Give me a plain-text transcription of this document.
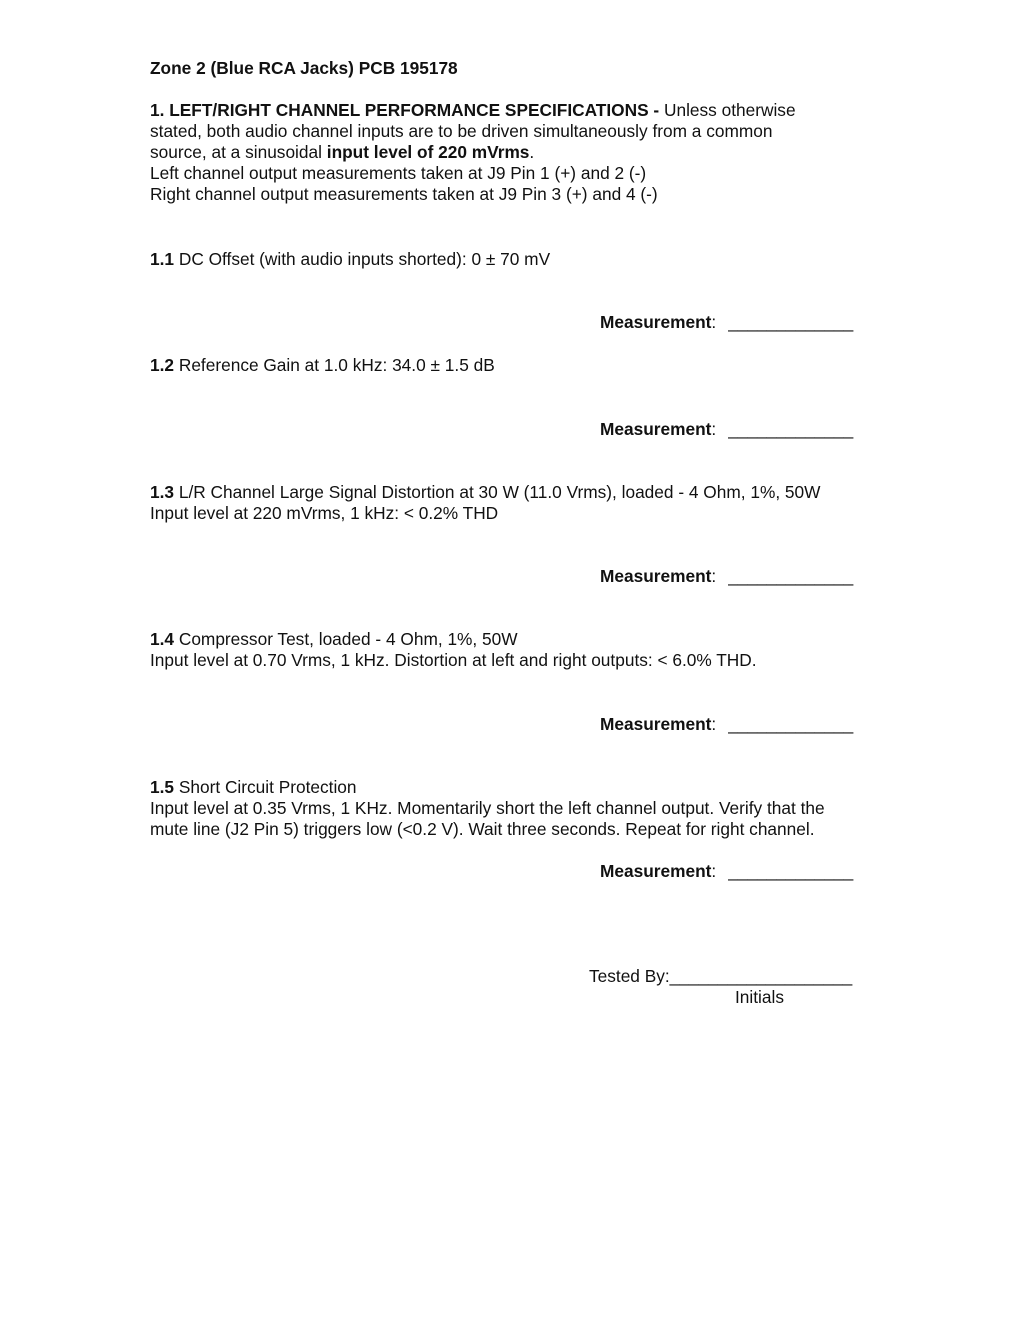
Zone 2 (Blue RCA Jacks) PCB 195178
1. LEFT/RIGHT CHANNEL PERFORMANCE SPECIFICATIONS - Unless otherwise
stated, both audio channel inputs are to be driven simultaneously from a common
source, at a sinusoidal input level of 220 mVrms.
Left channel output measurements taken at J9 Pin 1 (+) and 2 (-)
Right channel output measurements taken at J9 Pin 3 (+) and 4 (-)
1.1 DC Offset (with audio inputs shorted): 0 ± 70 mV
Measurement: _____________
1.2 Reference Gain at 1.0 kHz: 34.0 ± 1.5 dB
Measurement: _____________
1.3 L/R Channel Large Signal Distortion at 30 W (11.0 Vrms), loaded - 4 Ohm, 1%, 50W
Input level at 220 mVrms, 1 kHz: < 0.2% THD
Measurement: _____________
1.4 Compressor Test, loaded - 4 Ohm, 1%, 50W
Input level at 0.70 Vrms, 1 kHz. Distortion at left and right outputs: < 6.0% THD.
Measurement: _____________
1.5 Short Circuit Protection
Input level at 0.35 Vrms, 1 KHz. Momentarily short the left channel output. Verify that the
mute line (J2 Pin 5) triggers low (<0.2 V). Wait three seconds. Repeat for right channel.
Measurement: _____________
Tested By:___________________
Initials
